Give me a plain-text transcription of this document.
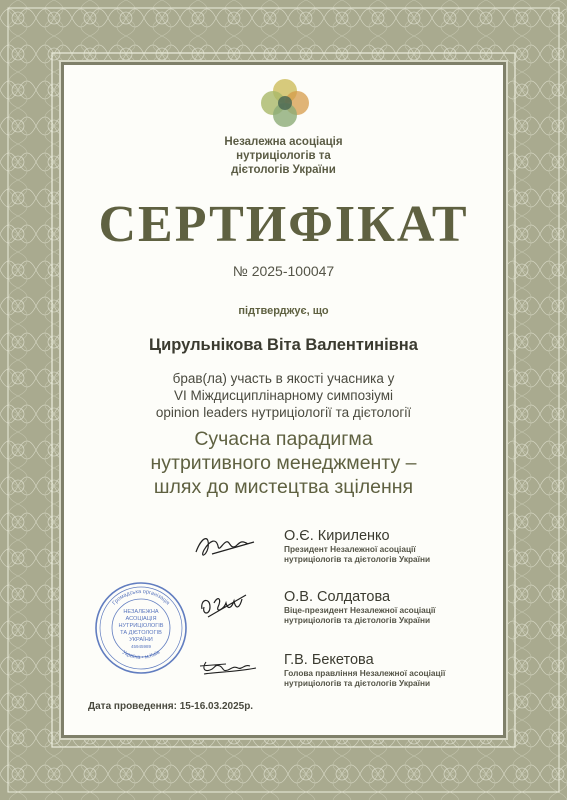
Незалежна асоціація
нутриціологів та
дієтологів України
СЕРТИФІКАТ
№ 2025-100047
підтверджує, що
Цирульнікова Віта Валентинівна
брав(ла) участь в якості учасника у
VI Міждисциплінарному симпозіумі
opinion leaders нутриціології та дієтології
Сучасна парадигма
нутритивного менеджменту –
шлях до мистецтва зцілення
О.Є. Кириленко
Президент Незалежної асоціації
нутриціологів та дієтологів України
О.В. Солдатова
Віце-президент Незалежної асоціації
нутриціологів та дієтологів України
Г.В. Бекетова
Голова правління Незалежної асоціації
нутриціологів та дієтологів України
Громадська організація
Україна • м.Київ
НЕЗАЛЕЖНА
АСОЦІАЦІЯ
НУТРИЦІОЛОГІВ
ТА ДІЄТОЛОГІВ
УКРАЇНИ
45945989
Дата проведення: 15-16.03.2025р.
